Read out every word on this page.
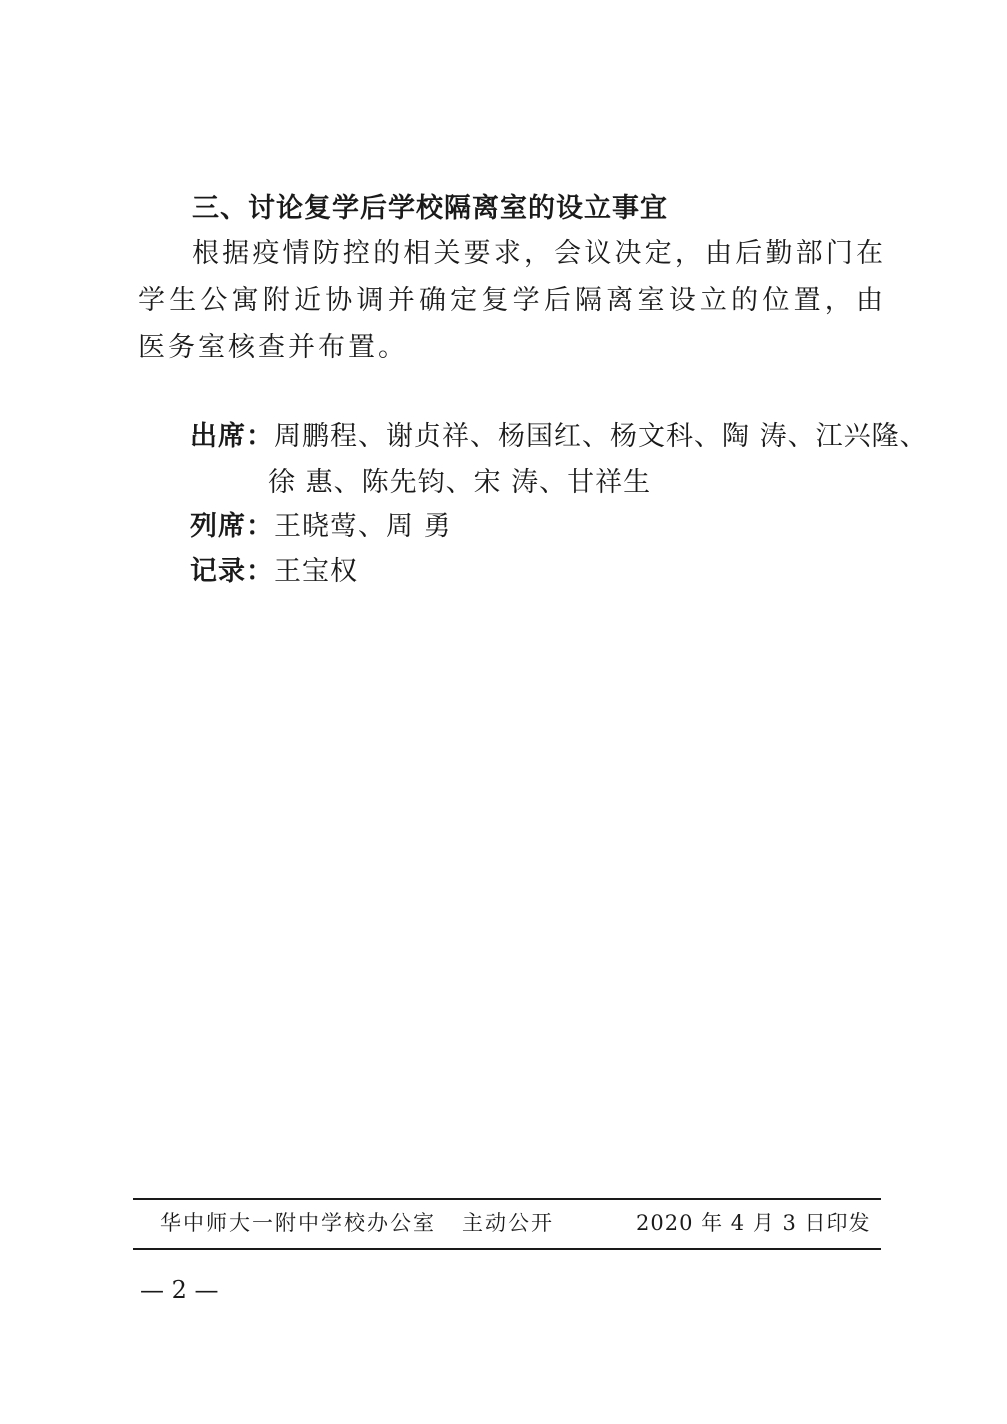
三、讨论复学后学校隔离室的设立事宜
根据疫情防控的相关要求，会议决定，由后勤部门在学生公寓附近协调并确定复学后隔离室设立的位置，由医务室核查并布置。
出席：周鹏程、谢贞祥、杨国红、杨文科、陶 涛、江兴隆、
徐 惠、陈先钧、宋 涛、甘祥生
列席：王晓莺、周 勇
记录：王宝权
华中师大一附中学校办公室 主动公开	2020 年 4 月 3 日印发
— 2 —
